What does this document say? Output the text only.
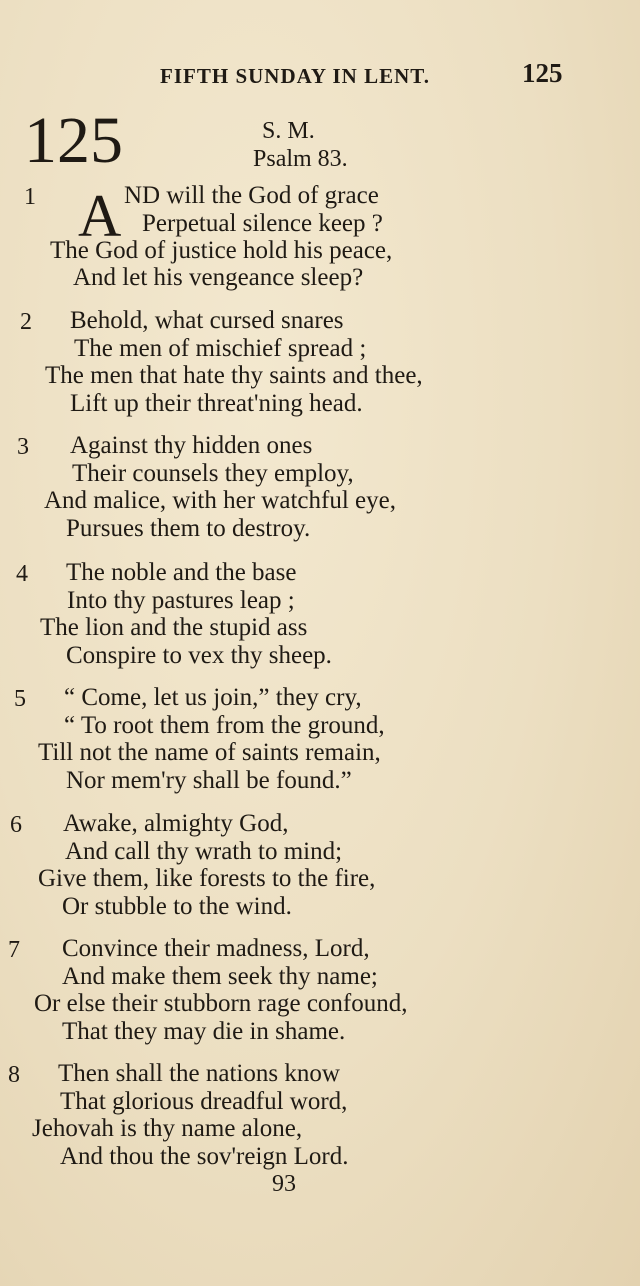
FIFTH SUNDAY IN LENT.	125
125	S. M.
Psalm 83.
A
1	ND will the God of grace
Perpetual silence keep ?
The God of justice hold his peace,
And let his vengeance sleep?
2 Behold, what cursed snares
The men of mischief spread ;
The men that hate thy saints and thee,
Lift up their threat'ning head.
3 Against thy hidden ones
Their counsels they employ,
And malice, with her watchful eye,
Pursues them to destroy.
4 The noble and the base
Into thy pastures leap ;
The lion and the stupid ass
Conspire to vex thy sheep.
5 “ Come, let us join,” they cry,
“ To root them from the ground,
Till not the name of saints remain,
Nor mem'ry shall be found.”
6 Awake, almighty God,
And call thy wrath to mind;
Give them, like forests to the fire,
Or stubble to the wind.
7 Convince their madness, Lord,
And make them seek thy name;
Or else their stubborn rage confound,
That they may die in shame.
8 Then shall the nations know
That glorious dreadful word,
Jehovah is thy name alone,
And thou the sov'reign Lord.
93
